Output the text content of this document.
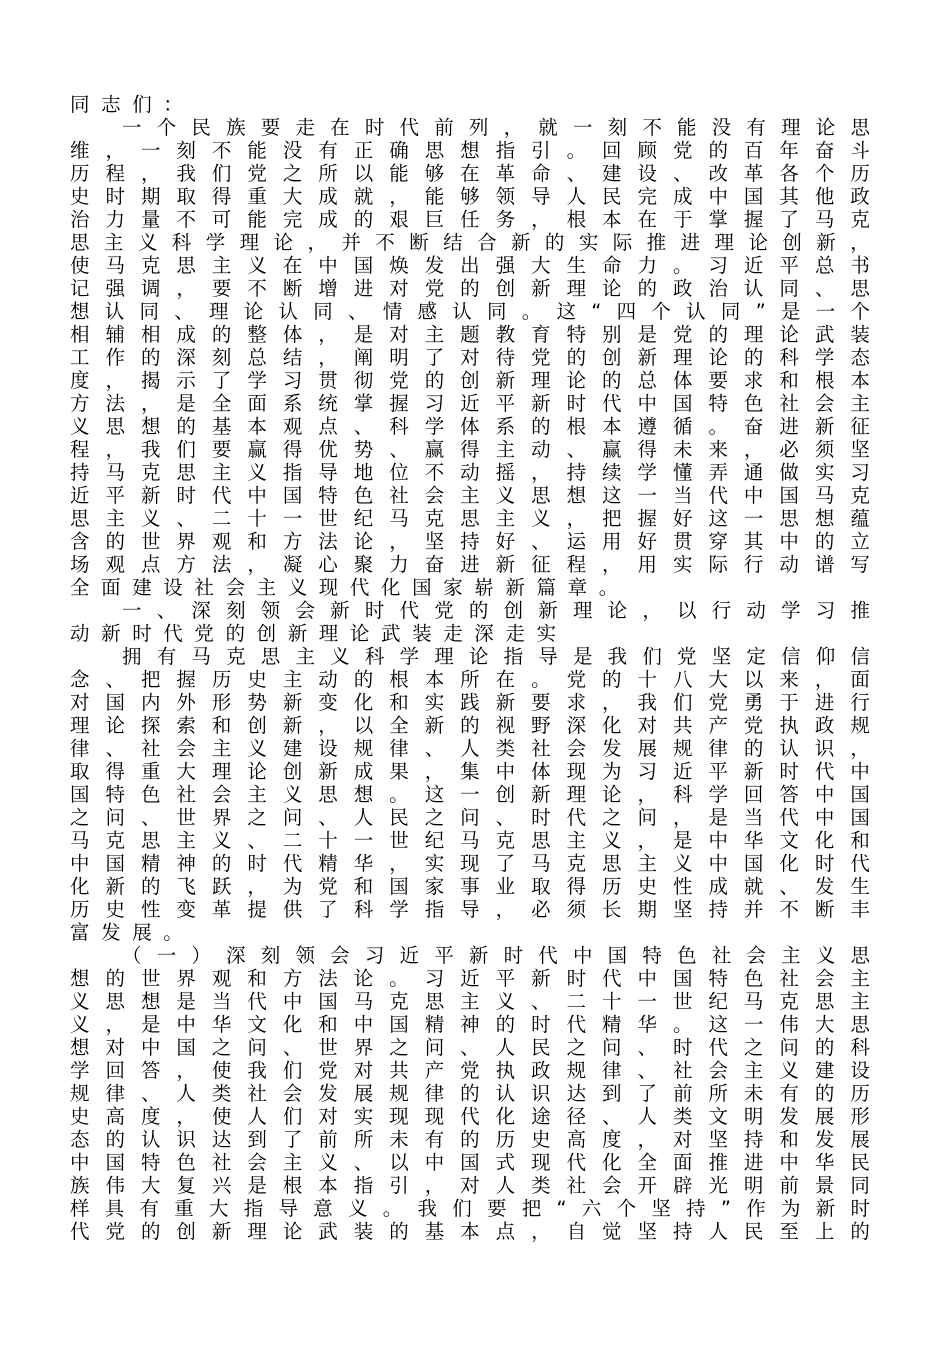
同志们：
一 个 民 族 要 走 在 时 代 前 列 ， 就 一 刻 不 能 没 有 理 论 思
维 ， 一 刻 不 能 没 有 正 确 思 想 指 引 。 回 顾 党 的 百 年 奋 斗
历 程 ， 我 们 党 之 所 以 能 够 在 革 命 、 建 设 、 改 革 各 个 历
史 时 期 取 得 重 大 成 就 ， 能 够 领 导 人 民 完 成 中 国 其 他 政
治 力 量 不 可 能 完 成 的 艰 巨 任 务 ， 根 本 在 于 掌 握 了 马 克
思 主 义 科 学 理 论 ， 并 不 断 结 合 新 的 实 际 推 进 理 论 创 新 ，
使 马 克 思 主 义 在 中 国 焕 发 出 强 大 生 命 力 。 习 近 平 总 书
记 强 调 ， 要 不 断 增 进 对 党 的 创 新 理 论 的 政 治 认 同 、 思
想 认 同 、 理 论 认 同 、 情 感 认 同 。 这 “ 四 个 认 同 ” 是 一 个
相 辅 相 成 的 整 体 ， 是 对 主 题 教 育 特 别 是 党 的 理 论 武 装
工 作 的 深 刻 总 结 ， 阐 明 了 对 待 党 的 创 新 理 论 的 科 学 态
度 ， 揭 示 了 学 习 贯 彻 党 的 创 新 理 论 的 总 体 要 求 和 根 本
方 法 ， 是 全 面 系 统 掌 握 习 近 平 新 时 代 中 国 特 色 社 会 主
义 思 想 的 基 本 观 点 、 科 学 体 系 的 根 本 遵 循 。 奋 进 新 征
程 ， 我 们 要 赢 得 优 势 、 赢 得 主 动 、 赢 得 未 来 ， 必 须 坚
持 马 克 思 主 义 指 导 地 位 不 动 摇 ， 持 续 学 懂 弄 通 做 实 习
近 平 新 时 代 中 国 特 色 社 会 主 义 思 想 这 一 当 代 中 国 马 克
思 主 义 、 二 十 一 世 纪 马 克 思 主 义 ， 把 握 好 这 一 思 想 蕴
含 的 世 界 观 和 方 法 论 ， 坚 持 好 、 运 用 好 贯 穿 其 中 的 立
场 观 点 方 法 ， 凝 心 聚 力 奋 进 新 征 程 ， 用 实 际 行 动 谱 写
全面建设社会主义现代化国家崭新篇章。
一 、 深 刻 领 会 新 时 代 党 的 创 新 理 论 ， 以 行 动 学 习 推
动新时代党的创新理论武装走深走实
拥 有 马 克 思 主 义 科 学 理 论 指 导 是 我 们 党 坚 定 信 仰 信
念 、 把 握 历 史 主 动 的 根 本 所 在 。 党 的 十 八 大 以 来 ， 面
对 国 内 外 形 势 新 变 化 和 实 践 新 要 求 ， 我 们 党 勇 于 进 行
理 论 探 索 和 创 新 ， 以 全 新 的 视 野 深 化 对 共 产 党 执 政 规
律 、 社 会 主 义 建 设 规 律 、 人 类 社 会 发 展 规 律 的 认 识 ，
取 得 重 大 理 论 创 新 成 果 ， 集 中 体 现 为 习 近 平 新 时 代 中
国 特 色 社 会 主 义 思 想 。 这 一 创 新 理 论 ， 科 学 回 答 中 国
之 问 、 世 界 之 问 、 人 民 之 问 、 时 代 之 问 ， 是 当 代 中 国
马 克 思 主 义 、 二 十 一 世 纪 马 克 思 主 义 ， 是 中 华 文 化 和
中 国 精 神 的 时 代 精 华 ， 实 现 了 马 克 思 主 义 中 国 化 时 代
化 新 的 飞 跃 ， 为 党 和 国 家 事 业 取 得 历 史 性 成 就 、 发 生
历 史 性 变 革 提 供 了 科 学 指 导 ， 必 须 长 期 坚 持 并 不 断 丰
富发展。
（ 一 ） 深 刻 领 会 习 近 平 新 时 代 中 国 特 色 社 会 主 义 思
想 的 世 界 观 和 方 法 论 。 习 近 平 新 时 代 中 国 特 色 社 会 主
义 思 想 是 当 代 中 国 马 克 思 主 义 、 二 十 一 世 纪 马 克 思 主
义 ， 是 中 华 文 化 和 中 国 精 神 的 时 代 精 华 。 这 一 伟 大 思
想 对 中 国 之 问 、 世 界 之 问 、 人 民 之 问 、 时 代 之 问 的 科
学 回 答 ， 使 我 们 党 对 共 产 党 执 政 规 律 、 社 会 主 义 建 设
规 律 、 人 类 社 会 发 展 规 律 的 认 识 达 到 了 前 所 未 有 的 历
史 高 度 ， 使 人 们 对 实 现 现 代 化 途 径 、 人 类 文 明 发 展 形
态 的 认 识 达 到 了 前 所 未 有 的 历 史 高 度 ， 对 坚 持 和 发 展
中 国 特 色 社 会 主 义 、 以 中 国 式 现 代 化 全 面 推 进 中 华 民
族 伟 大 复 兴 是 根 本 指 引 ， 对 人 类 社 会 开 辟 光 明 前 景 同
样 具 有 重 大 指 导 意 义 。 我 们 要 把 “ 六 个 坚 持 ” 作 为 新 时
代 党 的 创 新 理 论 武 装 的 基 本 点 ， 自 觉 坚 持 人 民 至 上 的
